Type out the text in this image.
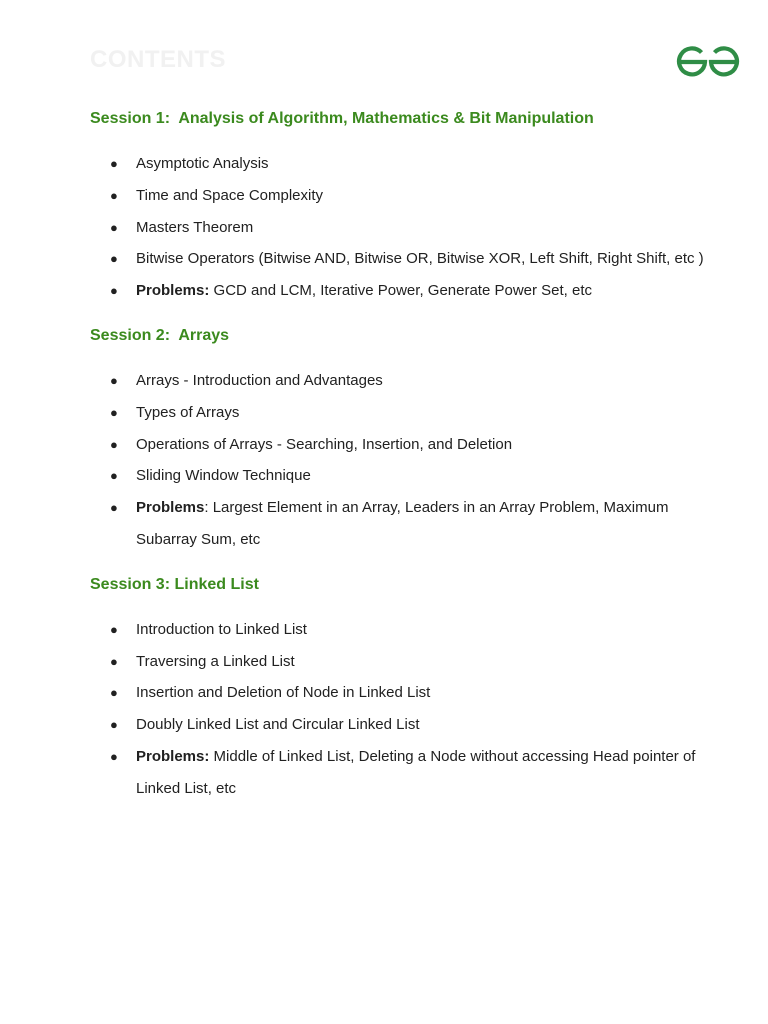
CONTENTS
Session 1:  Analysis of Algorithm, Mathematics & Bit Manipulation
● Asymptotic Analysis
● Time and Space Complexity
● Masters Theorem
● Bitwise Operators (Bitwise AND, Bitwise OR, Bitwise XOR, Left Shift, Right Shift, etc )
● Problems: GCD and LCM, Iterative Power, Generate Power Set, etc
Session 2:  Arrays
● Arrays - Introduction and Advantages
● Types of Arrays
● Operations of Arrays - Searching, Insertion, and Deletion
● Sliding Window Technique
● Problems: Largest Element in an Array, Leaders in an Array Problem, Maximum Subarray Sum, etc
Session 3: Linked List
● Introduction to Linked List
● Traversing a Linked List
● Insertion and Deletion of Node in Linked List
● Doubly Linked List and Circular Linked List
● Problems: Middle of Linked List, Deleting a Node without accessing Head pointer of Linked List, etc
